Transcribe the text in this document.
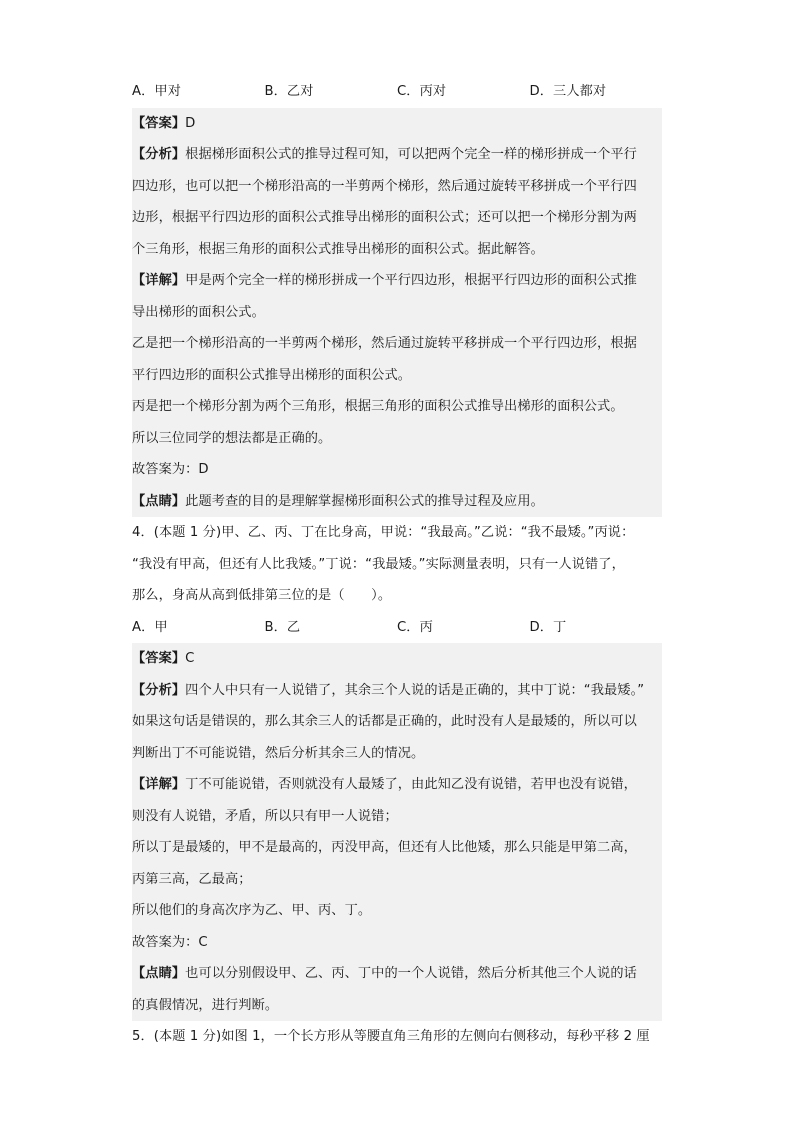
A．甲对	B．乙对	C．丙对	D．三人都对
【答案】D
【分析】根据梯形面积公式的推导过程可知，可以把两个完全一样的梯形拼成一个平行
四边形，也可以把一个梯形沿高的一半剪两个梯形，然后通过旋转平移拼成一个平行四
边形，根据平行四边形的面积公式推导出梯形的面积公式；还可以把一个梯形分割为两
个三角形，根据三角形的面积公式推导出梯形的面积公式。据此解答。
【详解】甲是两个完全一样的梯形拼成一个平行四边形，根据平行四边形的面积公式推
导出梯形的面积公式。
乙是把一个梯形沿高的一半剪两个梯形，然后通过旋转平移拼成一个平行四边形，根据
平行四边形的面积公式推导出梯形的面积公式。
丙是把一个梯形分割为两个三角形，根据三角形的面积公式推导出梯形的面积公式。
所以三位同学的想法都是正确的。
故答案为：D
【点睛】此题考查的目的是理解掌握梯形面积公式的推导过程及应用。
4．(本题 1 分)甲、乙、丙、丁在比身高，甲说：“我最高。”乙说：“我不最矮。”丙说：
“我没有甲高，但还有人比我矮。”丁说：“我最矮。”实际测量表明，只有一人说错了，
那么，身高从高到低排第三位的是（　　）。
A．甲	B．乙	C．丙	D．丁
【答案】C
【分析】四个人中只有一人说错了，其余三个人说的话是正确的，其中丁说：“我最矮。”
如果这句话是错误的，那么其余三人的话都是正确的，此时没有人是最矮的，所以可以
判断出丁不可能说错，然后分析其余三人的情况。
【详解】丁不可能说错，否则就没有人最矮了，由此知乙没有说错，若甲也没有说错，
则没有人说错，矛盾，所以只有甲一人说错；
所以丁是最矮的，甲不是最高的，丙没甲高，但还有人比他矮，那么只能是甲第二高，
丙第三高，乙最高；
所以他们的身高次序为乙、甲、丙、丁。
故答案为：C
【点睛】也可以分别假设甲、乙、丙、丁中的一个人说错，然后分析其他三个人说的话
的真假情况，进行判断。
5．(本题 1 分)如图 1，一个长方形从等腰直角三角形的左侧向右侧移动，每秒平移 2 厘
